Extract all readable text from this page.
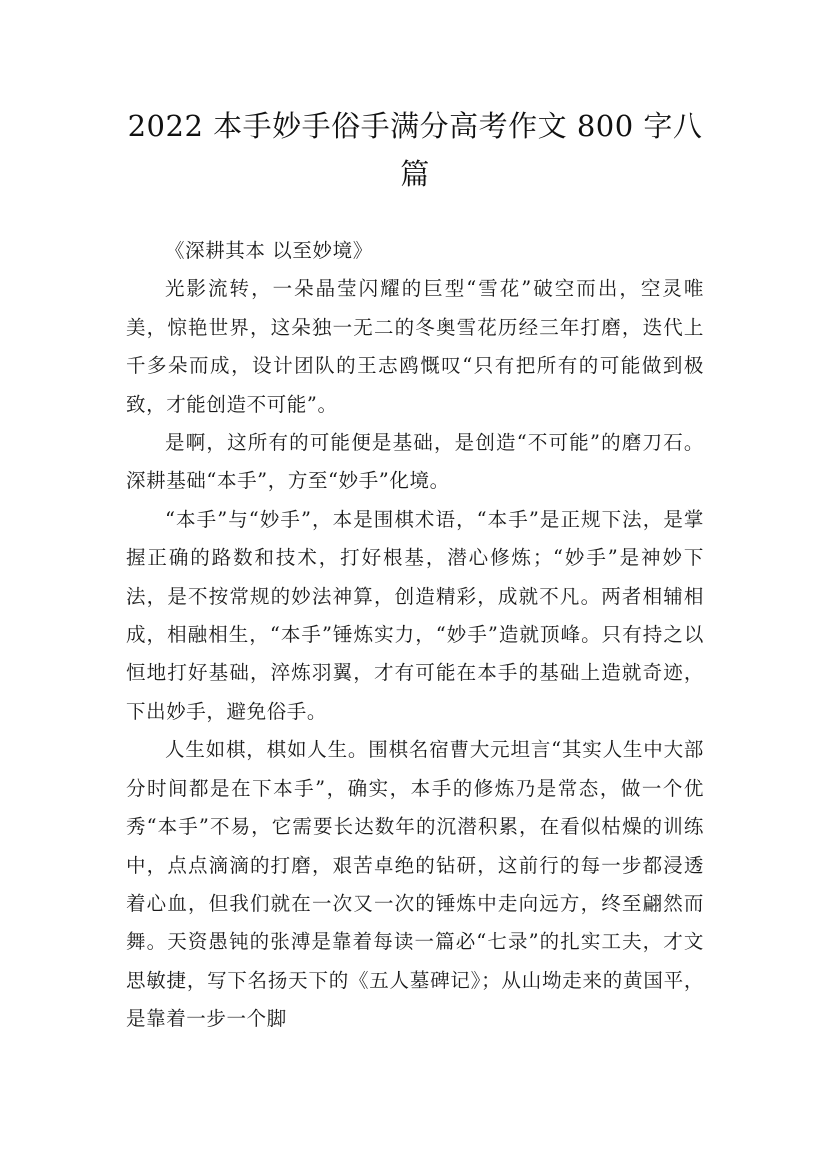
2022 本手妙手俗手满分高考作文 800 字八篇

《深耕其本 以至妙境》

光影流转，一朵晶莹闪耀的巨型“雪花”破空而出，空灵唯美，惊艳世界，这朵独一无二的冬奥雪花历经三年打磨，迭代上千多朵而成，设计团队的王志鸥慨叹“只有把所有的可能做到极致，才能创造不可能”。

是啊，这所有的可能便是基础，是创造“不可能”的磨刀石。深耕基础“本手”，方至“妙手”化境。

“本手”与“妙手”，本是围棋术语，“本手”是正规下法，是掌握正确的路数和技术，打好根基，潜心修炼；“妙手”是神妙下法，是不按常规的妙法神算，创造精彩，成就不凡。两者相辅相成，相融相生，“本手”锤炼实力，“妙手”造就顶峰。只有持之以恒地打好基础，淬炼羽翼，才有可能在本手的基础上造就奇迹，下出妙手，避免俗手。

人生如棋，棋如人生。围棋名宿曹大元坦言“其实人生中大部分时间都是在下本手”，确实，本手的修炼乃是常态，做一个优秀“本手”不易，它需要长达数年的沉潜积累，在看似枯燥的训练中，点点滴滴的打磨，艰苦卓绝的钻研，这前行的每一步都浸透着心血，但我们就在一次又一次的锤炼中走向远方，终至翩然而舞。天资愚钝的张溥是靠着每读一篇必“七录”的扎实工夫，才文思敏捷，写下名扬天下的《五人墓碑记》；从山坳走来的黄国平，是靠着一步一个脚
